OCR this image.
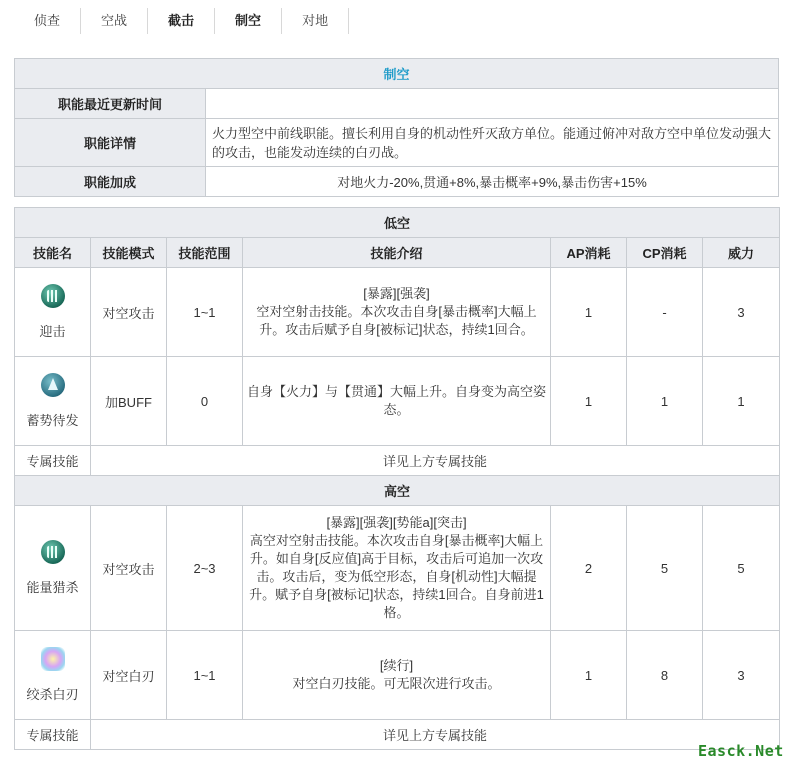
侦查	空战	截击	制空	对地
制空	
职能最近更新时间	
职能详情	火力型空中前线职能。擅长利用自身的机动性歼灭敌方单位。能通过俯冲对敌方空中单位发动强大的攻击，也能发动连续的白刃战。
职能加成	对地火力-20%,贯通+8%,暴击概率+9%,暴击伤害+15%
低空						
技能名	技能模式	技能范围	技能介绍	AP消耗	CP消耗	威力

迎击	对空攻击	1~1	[暴露][强袭]
空对空射击技能。本次攻击自身[暴击概率]大幅上升。攻击后赋予自身[被标记]状态，持续1回合。	1	-	3

蓄势待发	加BUFF	0	自身【火力】与【贯通】大幅上升。自身变为高空姿态。	1	1	1
专属技能	详见上方专属技能					
高空						

能量猎杀	对空攻击	2~3	[暴露][强袭][势能a][突击]
高空对空射击技能。本次攻击自身[暴击概率]大幅上升。如自身[反应值]高于目标，攻击后可追加一次攻击。攻击后，变为低空形态，自身[机动性]大幅提升。赋予自身[被标记]状态，持续1回合。自身前进1格。	2	5	5

绞杀白刃	对空白刃	1~1	[续行]
对空白刃技能。可无限次进行攻击。	1	8	3
专属技能	详见上方专属技能					
Easck.Net
